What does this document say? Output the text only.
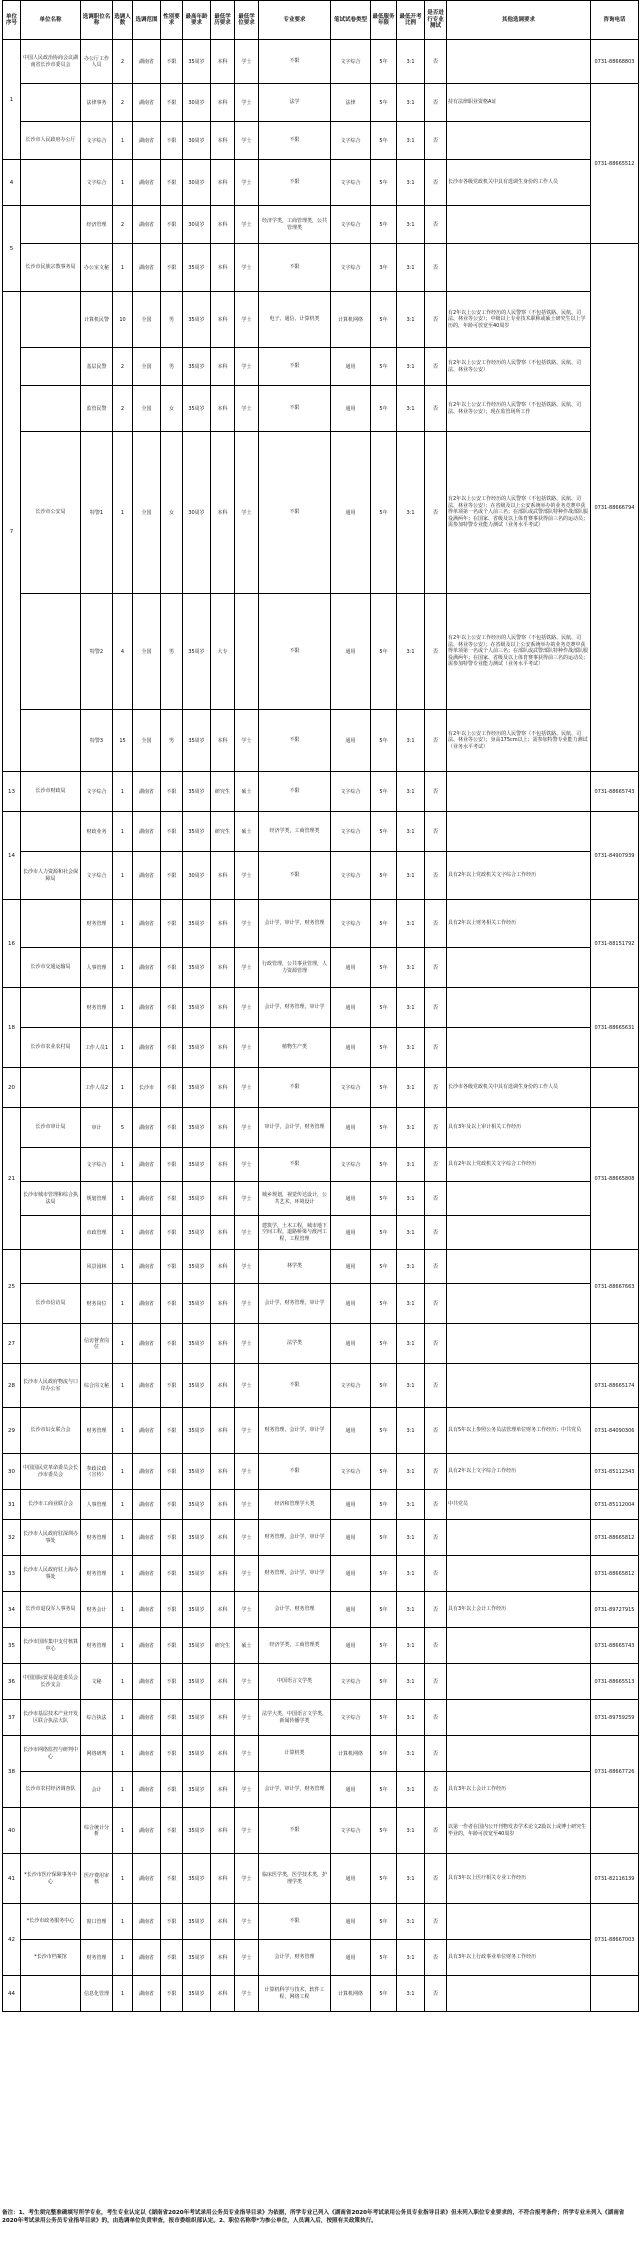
单位序号	单位名称	选调职位名称	选调人数	选调范围	性别要求	最高年龄要求	最低学历要求	最低学位要求	专业要求	笔试试卷类型	最低服务年限	最低开考比例	是否进行专业测试	其他选调要求	咨询电话
1	中国人民政治协商会议湖南省长沙市委员会	办公厅工作人员	2	湖南省	不限	35周岁	本科	学士	不限	文字综合	5年	3:1	否		0731-88668803
		法律事务	2	湖南省	不限	30周岁	本科	学士	法学	法律	5年	3:1	否	持有法律职业资格A证	0731-88665512
	长沙市人民政府办公厅	文字综合	1	湖南省	不限	30周岁	本科	学士	不限	文字综合	5年	3:1	否		
4		文字综合	1	湖南省	不限	30周岁	本科	学士	不限	文字综合	5年	3:1	否	长沙市各级党政机关中具有选调生身份的工作人员	
5		经济管理	2	湖南省	不限	30周岁	本科	学士	经济学类，工商管理类，公共管理类	文字综合	5年	3:1	否		
	长沙市民族宗教事务局	办公室文秘	1	湖南省	不限	35周岁	本科	学士	不限	文字综合	3年	3:1	否		0731-88666794
7		计算机民警	10	全国	男	35周岁	本科	学士	电子、通信、计算机类	计算机网络	5年	3:1	否	有2年以上公安工作经历的人民警察（不包括铁路、民航、司法、林业等公安）；中级以上专业技术职称或硕士研究生以上学历的，年龄可放宽至40周岁	
		基层民警	2	全国	男	35周岁	本科	学士	不限	通用	5年	3:1	否	有2年以上公安工作经历的人民警察（不包括铁路、民航、司法、林业等公安）	
		监管民警	2	全国	女	35周岁	本科	学士	不限	通用	5年	3:1	否	有2年以上公安工作经历的人民警察（不包括铁路、民航、司法、林业等公安）；现在监管场所工作	
	长沙市公安局	特警1	1	全国	女	30周岁	本科	学士	不限	通用	5年	3:1	否	有2年以上公安工作经历的人民警察（不包括铁路、民航、司法、林业等公安）；在省级及以上公安系统举办的业务竞赛中获得单项第一名或个人前三名；在部队或武警部队特种作战部队服役满两年；在国家、省级及以上体育赛事获得前三名的运动员；需参加特警专业能力测试（业务水平考试）	
		特警2	4	全国	男	35周岁	大专		不限	通用	5年	3:1	否	有2年以上公安工作经历的人民警察（不包括铁路、民航、司法、林业等公安）；在省级及以上公安系统举办的业务竞赛中获得单项第一名或个人前三名；在部队或武警部队特种作战部队服役满两年；在国家、省级及以上体育赛事获得前三名的运动员；需参加特警专业能力测试（业务水平考试）	
		特警3	15	全国	男	35周岁	本科	学士	不限	通用	5年	3:1	否	有2年以上公安工作经历的人民警察（不包括铁路、民航、司法、林业等公安）；身高175cm以上；需参加特警专业能力测试（业务水平考试）	
13	长沙市财政局	文字综合	1	湖南省	不限	35周岁	研究生	硕士	不限	文字综合	5年	3:1	否		0731-88665743
14		财政业务	1	湖南省	不限	35周岁	研究生	硕士	经济学类，工商管理类	文字综合	5年	3:1	否		0731-84907939
	长沙市人力资源和社会保障局	文字综合	1	湖南省	不限	30周岁	本科	学士	不限	文字综合	5年	3:1	否	具有2年以上党政机关文字综合工作经历	
16		财务管理	1	湖南省	不限	35周岁	本科	学士	会计学，审计学，财务管理	文字综合	5年	3:1	否	具有2年以上财务相关工作经历	0731-88151792
	长沙市交通运输局	人事管理	1	湖南省	不限	35周岁	本科	学士	行政管理，公共事业管理，人力资源管理	通用	5年	3:1	否		
18		财务管理	1	湖南省	不限	35周岁	本科	学士	会计学，财务管理，审计学	通用	5年	3:1	否		0731-88665631
	长沙市农业农村局	工作人员1	1	湖南省	不限	35周岁	本科	学士	植物生产类	通用	5年	3:1	否		
20		工作人员2	1	长沙市	不限	35周岁	本科	学士	不限	文字综合	5年	3:1	否	长沙市各级党政机关中具有选调生身份的工作人员	
21	长沙市审计局	审计	5	湖南省	不限	35周岁	本科	学士	审计学，会计学，财务管理	通用	5年	3:1	否	具有3年及以上审计相关工作经历	0731-88665808
		文字综合	1	湖南省	不限	35周岁	本科	学士	不限	文字综合	5年	3:1	否	具有2年以上党政机关文字综合工作经历	
	长沙市城市管理和综合执法局	规划管理	1	湖南省	不限	35周岁	本科	学士	城乡规划，视觉传达设计，公共艺术，环境设计	通用	5年	3:1	否		
		市政管理	1	湖南省	不限	35周岁	本科	学士	建筑学，土木工程，城市地下空间工程，道路桥梁与渡河工程，工程管理	通用	5年	3:1	否		
25		风景园林	1	湖南省	不限	35周岁	本科	学士	林学类	通用	5年	3:1	否		0731-88667663
	长沙市信访局	财务岗位	1	湖南省	不限	35周岁	本科	学士	会计学，财务管理，审计学	通用	5年	3:1	否		
27		信访督查岗位	1	湖南省	不限	35周岁	本科	学士	法学类	通用	5年	3:1	否		
28	长沙市人民政府物流与口岸办公室	综合岗文秘	1	湖南省	不限	35周岁	本科	学士	不限	文字综合	5年	3:1	否		0731-88665174
29	长沙市妇女联合会	财务管理	1	湖南省	不限	35周岁	本科	学士	财务管理，会计学，审计学	通用	5年	3:1	否	具有5年以上参照公务员法管理单位财务工作经历；中共党员	0731-84090306
30	中国国民党革命委员会长沙市委员会	参政议政（宣传）	1	湖南省	不限	35周岁	本科	学士	不限	文字综合	5年	3:1	否	具有2年以上文字综合工作经历	0731-85112343
31	长沙市工商业联合会	人事管理	1	湖南省	不限	35周岁	本科	学士	经济和管理学大类	通用	5年	3:1	否	中共党员	0731-85112004
32	长沙市人民政府驻深圳办事处	财务管理	1	湖南省	不限	35周岁	本科	学士	财务管理，会计学，审计学	通用	5年	3:1	否		0731-88665812
33	长沙市人民政府驻上海办事处	财务管理	1	湖南省	不限	35周岁	本科	学士	财务管理，会计学，审计学	通用	5年	3:1	否		0731-88665812
34	长沙市退役军人事务局	财务会计	1	湖南省	不限	35周岁	本科	学士	会计学，财务管理	通用	5年	3:1	否	具有3年以上会计工作经历	0731-89727915
35	长沙市国库集中支付核算中心	财务管理	1	湖南省	不限	35周岁	研究生	硕士	经济学类，工商管理类	通用	5年	3:1	否		0731-88665743
36	中国国际贸易促进委员会长沙支会	文秘	1	湖南省	不限	35周岁	本科	学士	中国语言文学类	文字综合	5年	3:1	否		0731-88665513
37	长沙市基层技术产业开发区联合执法大队	综合执法	1	湖南省	不限	35周岁	本科	学士	法学大类，中国语言文学类，新闻传播学类	文字综合	5年	3:1	否		0731-89759259
38	长沙市网络监控与研判中心	网络研判	1	湖南省	不限	35周岁	本科	学士	计算机类	计算机网络	5年	3:1	否		0731-88667726
	长沙市农村经济调查队	会计	1	湖南省	不限	35周岁	本科	学士	会计学，审计学，财务管理	通用	5年	3:1	否	具有3年以上会计工作经历	
40		综合统计分析	1	湖南省	不限	35周岁	本科	学士	不限	文字综合	5年	3:1	否	以第一作者在国内公开刊物发表学术论文2篇以上或博士研究生毕业的，年龄可放宽至40周岁	
41	*长沙市医疗保障事务中心	医疗费用审核	1	湖南省	不限	35周岁	本科	学士	临床医学类，医学技术类，护理学类	通用	5年	3:1	否	具有3年以上医疗相关专业工作经历	0731-82116139
42	*长沙市政务服务中心	窗口管理	1	湖南省	不限	35周岁	本科	学士	不限	通用	5年	3:1	否		0731-88667003
	*长沙市档案馆	财务管理	1	湖南省	不限	35周岁	本科	学士	会计学，财务管理	通用	5年	3:1	否	具有3年以上行政事业单位财务工作经历	
44		信息化管理	1	湖南省	不限	35周岁	本科	学士	计算机科学与技术，软件工程，网络工程	计算机网络	5年	3:1	否		
备注：1、考生须完整准确填写所学专业，考生专业认定以《湖南省2020年考试录用公务员专业指导目录》为依据，所学专业已列入《湖南省2020年考试录用公务员专业指导目录》但未列入职位专业要求的，不符合报考条件；所学专业未列入《湖南省2020年考试录用公务员专业指导目录》的，由选调单位负责审查，报市委组织部认定。2、职位名称带*为参公单位，人员调入后，按照有关政策执行。
